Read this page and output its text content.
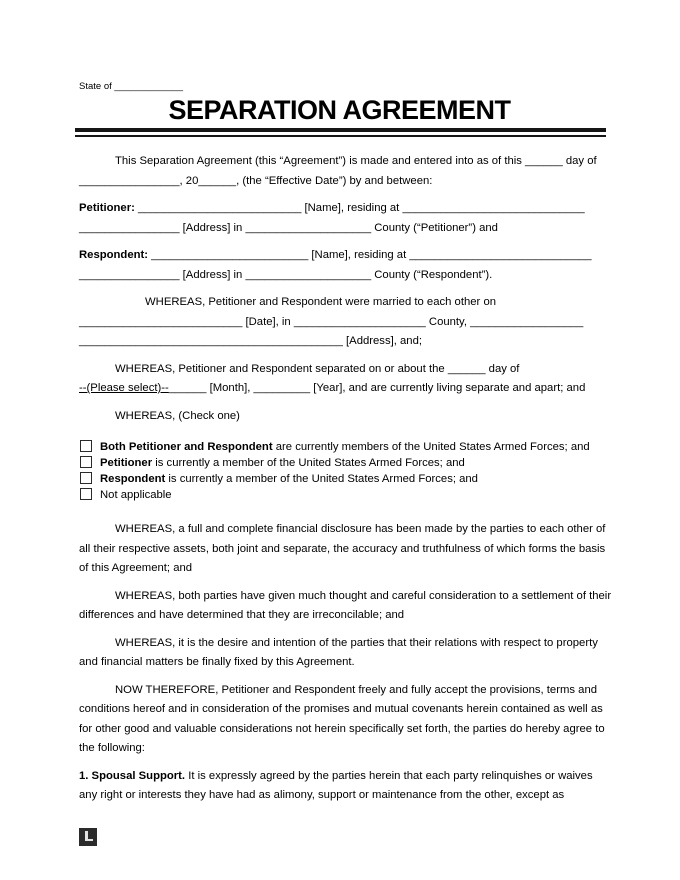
State of _____________
SEPARATION AGREEMENT
This Separation Agreement (this “Agreement”) is made and entered into as of this ______ day of
________________, 20______, (the “Effective Date”) by and between:
Petitioner: __________________________ [Name], residing at _____________________________
________________ [Address] in ____________________ County (“Petitioner”) and
Respondent: _________________________ [Name], residing at _____________________________
________________ [Address] in ____________________ County (“Respondent”).
WHEREAS, Petitioner and Respondent were married to each other on
__________________________ [Date], in _____________________ County, __________________
__________________________________________ [Address], and;
WHEREAS, Petitioner and Respondent separated on or about the ______ day of
--(Please select)--______ [Month], _________ [Year], and are currently living separate and apart; and
WHEREAS, (Check one)
Both Petitioner and Respondent are currently members of the United States Armed Forces; and
Petitioner is currently a member of the United States Armed Forces; and
Respondent is currently a member of the United States Armed Forces; and
Not applicable
WHEREAS, a full and complete financial disclosure has been made by the parties to each other of
all their respective assets, both joint and separate, the accuracy and truthfulness of which forms the basis
of this Agreement; and
WHEREAS, both parties have given much thought and careful consideration to a settlement of their
differences and have determined that they are irreconcilable; and
WHEREAS, it is the desire and intention of the parties that their relations with respect to property
and financial matters be finally fixed by this Agreement.
NOW THEREFORE, Petitioner and Respondent freely and fully accept the provisions, terms and
conditions hereof and in consideration of the promises and mutual covenants herein contained as well as
for other good and valuable considerations not herein specifically set forth, the parties do hereby agree to
the following:
1. Spousal Support. It is expressly agreed by the parties herein that each party relinquishes or waives
any right or interests they have had as alimony, support or maintenance from the other, except as
